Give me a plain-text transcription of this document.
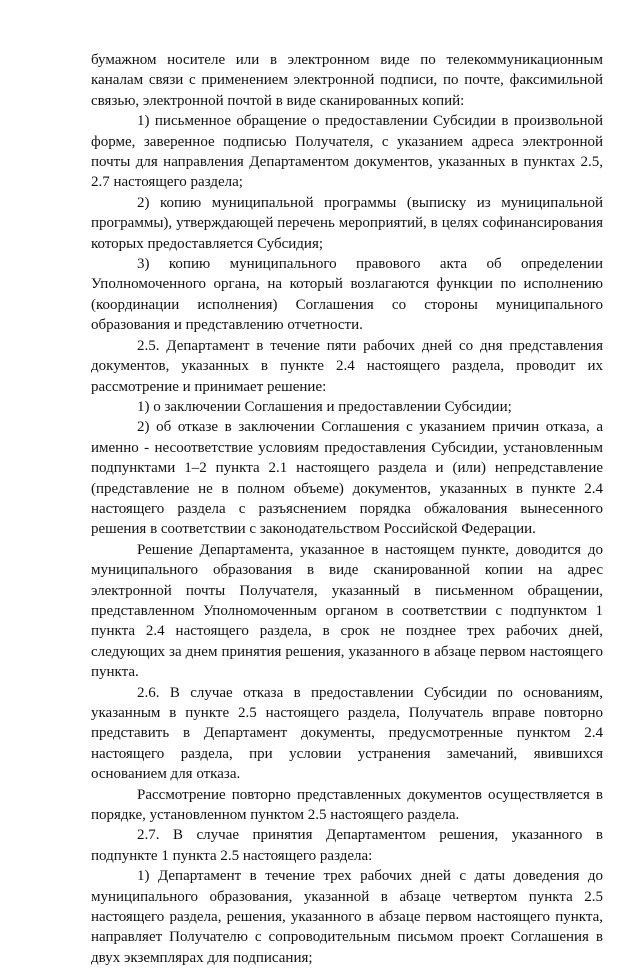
бумажном носителе или в электронном виде по телекоммуникационным каналам связи с применением электронной подписи, по почте, факсимильной связью, электронной почтой в виде сканированных копий:

1) письменное обращение о предоставлении Субсидии в произвольной форме, заверенное подписью Получателя, с указанием адреса электронной почты для направления Департаментом документов, указанных в пунктах 2.5, 2.7 настоящего раздела;

2) копию муниципальной программы (выписку из муниципальной программы), утверждающей перечень мероприятий, в целях софинансирования которых предоставляется Субсидия;

3) копию муниципального правового акта об определении Уполномоченного органа, на который возлагаются функции по исполнению (координации исполнения) Соглашения со стороны муниципального образования и представлению отчетности.

2.5. Департамент в течение пяти рабочих дней со дня представления документов, указанных в пункте 2.4 настоящего раздела, проводит их рассмотрение и принимает решение:

1) о заключении Соглашения и предоставлении Субсидии;

2) об отказе в заключении Соглашения с указанием причин отказа, а именно - несоответствие условиям предоставления Субсидии, установленным подпунктами 1–2 пункта 2.1 настоящего раздела и (или) непредставление (представление не в полном объеме) документов, указанных в пункте 2.4 настоящего раздела с разъяснением порядка обжалования вынесенного решения в соответствии с законодательством Российской Федерации.

Решение Департамента, указанное в настоящем пункте, доводится до муниципального образования в виде сканированной копии на адрес электронной почты Получателя, указанный в письменном обращении, представленном Уполномоченным органом в соответствии с подпунктом 1 пункта 2.4 настоящего раздела, в срок не позднее трех рабочих дней, следующих за днем принятия решения, указанного в абзаце первом настоящего пункта.

2.6. В случае отказа в предоставлении Субсидии по основаниям, указанным в пункте 2.5 настоящего раздела, Получатель вправе повторно представить в Департамент документы, предусмотренные пунктом 2.4 настоящего раздела, при условии устранения замечаний, явившихся основанием для отказа.

Рассмотрение повторно представленных документов осуществляется в порядке, установленном пунктом 2.5 настоящего раздела.

2.7. В случае принятия Департаментом решения, указанного в подпункте 1 пункта 2.5 настоящего раздела:

1) Департамент в течение трех рабочих дней с даты доведения до муниципального образования, указанной в абзаце четвертом пункта 2.5 настоящего раздела, решения, указанного в абзаце первом настоящего пункта, направляет Получателю с сопроводительным письмом проект Соглашения в двух экземплярах для подписания;
